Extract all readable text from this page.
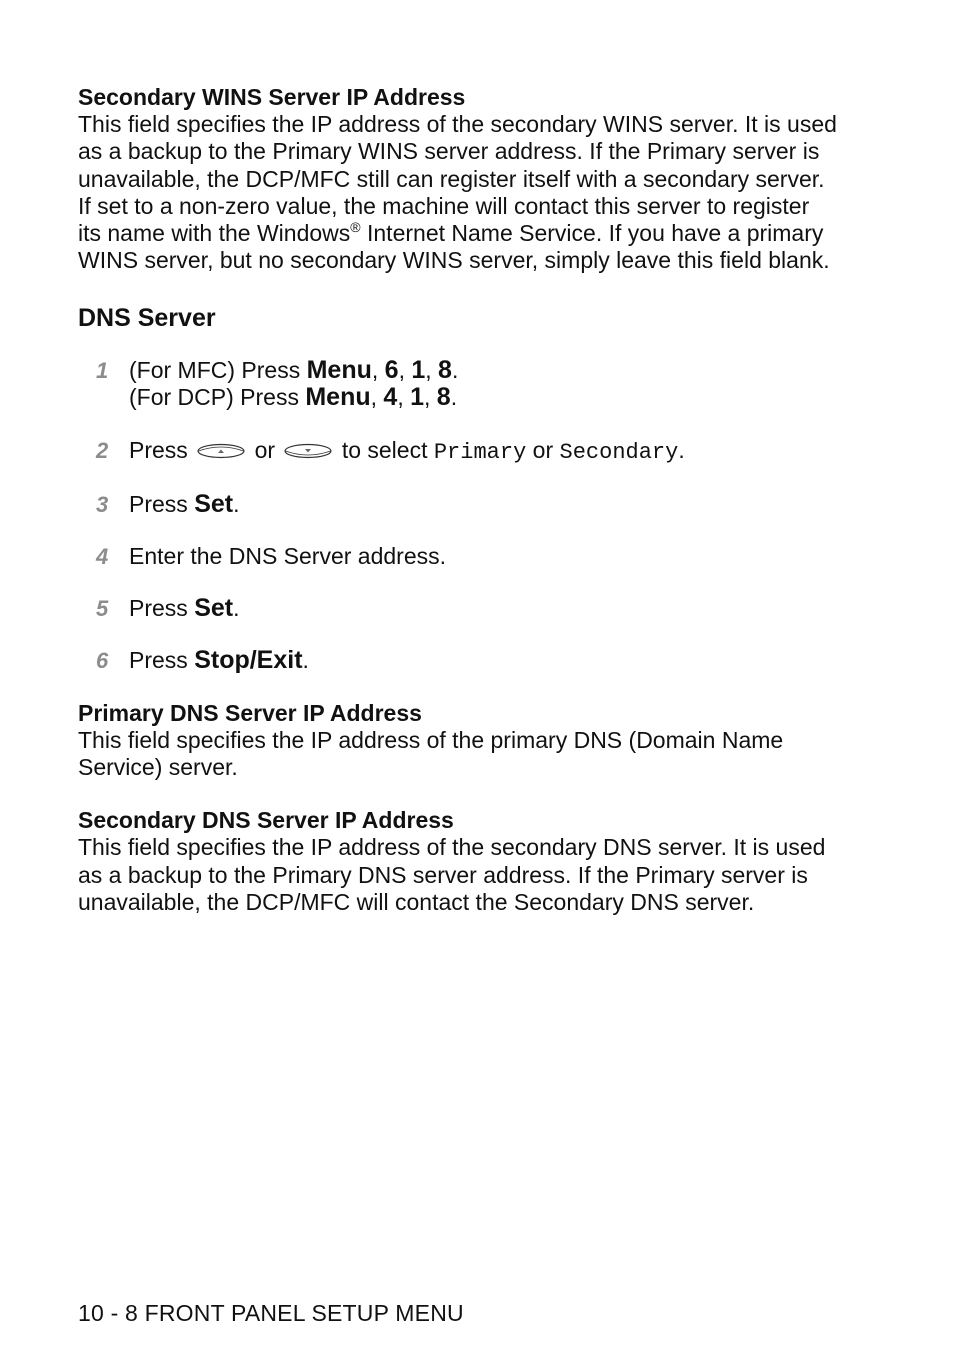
Secondary WINS Server IP Address

This field specifies the IP address of the secondary WINS server. It is used as a backup to the Primary WINS server address. If the Primary server is unavailable, the DCP/MFC still can register itself with a secondary server. If set to a non-zero value, the machine will contact this server to register its name with the Windows® Internet Name Service. If you have a primary WINS server, but no secondary WINS server, simply leave this field blank.

DNS Server

1 (For MFC) Press Menu, 6, 1, 8.
(For DCP) Press Menu, 4, 1, 8.
2 Press	or	to select Primary or Secondary.
3 Press Set.
4 Enter the DNS Server address.
5 Press Set.
6 Press Stop/Exit.

Primary DNS Server IP Address

This field specifies the IP address of the primary DNS (Domain Name Service) server.

Secondary DNS Server IP Address

This field specifies the IP address of the secondary DNS server. It is used as a backup to the Primary DNS server address. If the Primary server is unavailable, the DCP/MFC will contact the Secondary DNS server.

10 - 8 FRONT PANEL SETUP MENU
